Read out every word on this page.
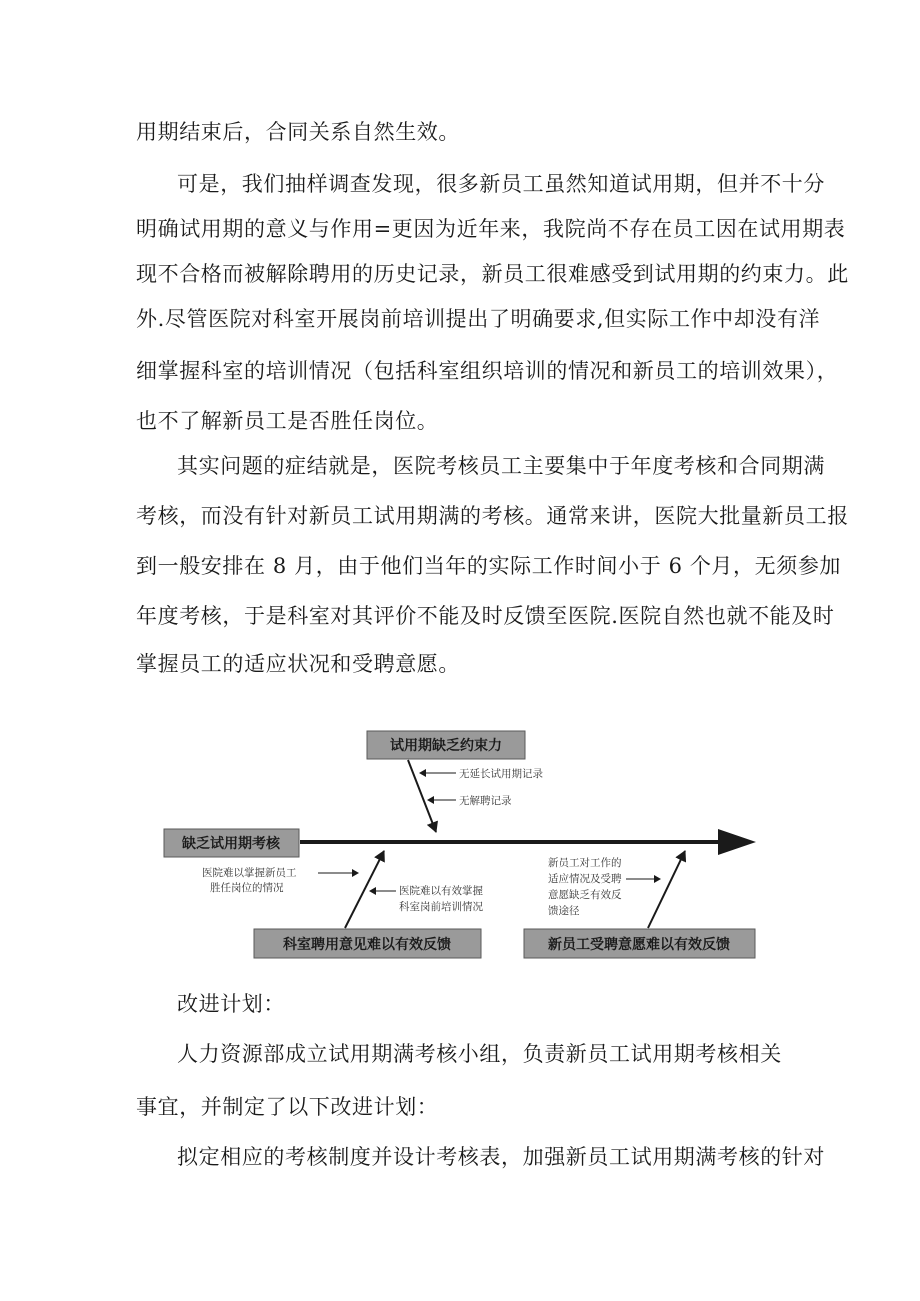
用期结束后，合同关系自然生效。
可是，我们抽样调查发现，很多新员工虽然知道试用期，但并不十分
明确试用期的意义与作用=更因为近年来，我院尚不存在员工因在试用期表
现不合格而被解除聘用的历史记录，新员工很难感受到试用期的约束力。此
外.尽管医院对科室开展岗前培训提出了明确要求,但实际工作中却没有洋
细掌握科室的培训情况（包括科室组织培训的情况和新员工的培训效果），
也不了解新员工是否胜任岗位。
其实问题的症结就是，医院考核员工主要集中于年度考核和合同期满
考核，而没有针对新员工试用期满的考核。通常来讲，医院大批量新员工报
到一般安排在 8 月，由于他们当年的实际工作时间小于 6 个月，无须参加
年度考核，于是科室对其评价不能及时反馈至医院.医院自然也就不能及时
掌握员工的适应状况和受聘意愿。
缺乏试用期考核
试用期缺乏约束力
无延长试用期记录
无解聘记录
科室聘用意见难以有效反馈
医院难以掌握新员工
胜任岗位的情况	医院难以有效掌握
科室岗前培训情况
新员工受聘意愿难以有效反馈
新员工对工作的
适应情况及受聘
意愿缺乏有效反
馈途径
改进计划：
人力资源部成立试用期满考核小组，负责新员工试用期考核相关
事宜，并制定了以下改进计划：
拟定相应的考核制度并设计考核表，加强新员工试用期满考核的针对
